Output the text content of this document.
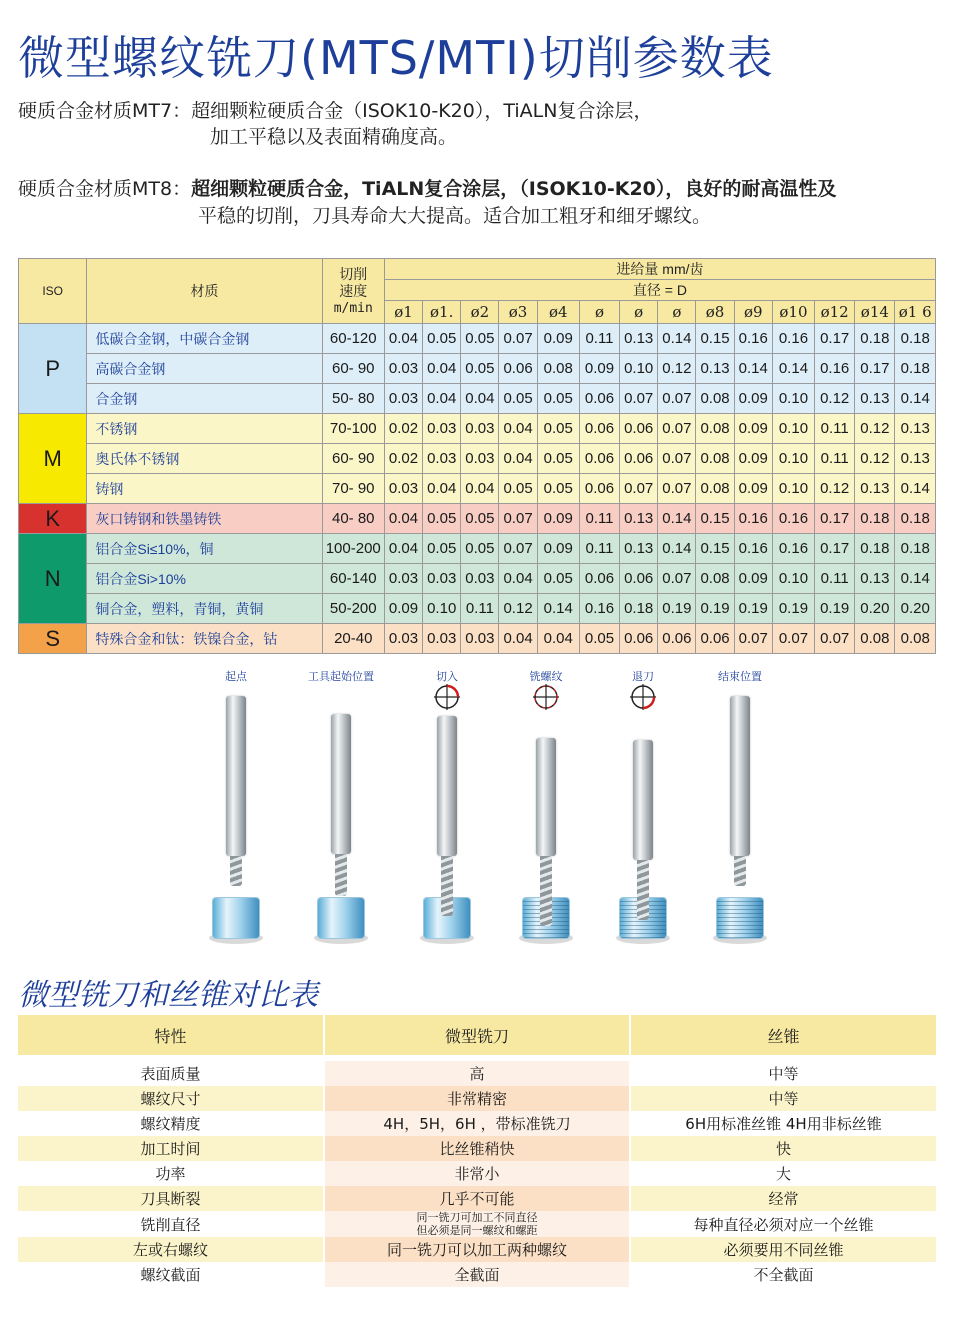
微型螺纹铣刀(MTS/MTI)切削参数表
硬质合金材质MT7：超细颗粒硬质合金（ISOK10-K20），TiALN复合涂层，
加工平稳以及表面精确度高。
硬质合金材质MT8：超细颗粒硬质合金，TiALN复合涂层，（ISOK10-K20），良好的耐高温性及
平稳的切削，刀具寿命大大提高。适合加工粗牙和细牙螺纹。
ISO	材质	切削
速度
m/min	进给量 mm/齿													
			直径 = D													
			ø1	ø1.	ø2	ø3	ø4	ø	ø	ø	ø8	ø9	ø10	ø12	ø14	ø1 6
P	低碳合金钢，中碳合金钢	60-120	0.04	0.05	0.05	0.07	0.09	0.11	0.13	0.14	0.15	0.16	0.16	0.17	0.18	0.18
	高碳合金钢	60- 90	0.03	0.04	0.05	0.06	0.08	0.09	0.10	0.12	0.13	0.14	0.14	0.16	0.17	0.18
	合金钢	50- 80	0.03	0.04	0.04	0.05	0.05	0.06	0.07	0.07	0.08	0.09	0.10	0.12	0.13	0.14
M	不锈钢	70-100	0.02	0.03	0.03	0.04	0.05	0.06	0.06	0.07	0.08	0.09	0.10	0.11	0.12	0.13
	奥氏体不锈钢	60- 90	0.02	0.03	0.03	0.04	0.05	0.06	0.06	0.07	0.08	0.09	0.10	0.11	0.12	0.13
	铸钢	70- 90	0.03	0.04	0.04	0.05	0.05	0.06	0.07	0.07	0.08	0.09	0.10	0.12	0.13	0.14
K	灰口铸钢和铁墨铸铁	40- 80	0.04	0.05	0.05	0.07	0.09	0.11	0.13	0.14	0.15	0.16	0.16	0.17	0.18	0.18
N	铝合金Si≤10%，铜	100-200	0.04	0.05	0.05	0.07	0.09	0.11	0.13	0.14	0.15	0.16	0.16	0.17	0.18	0.18
	铝合金Si>10%	60-140	0.03	0.03	0.03	0.04	0.05	0.06	0.06	0.07	0.08	0.09	0.10	0.11	0.13	0.14
	铜合金，塑料，青铜，黄铜	50-200	0.09	0.10	0.11	0.12	0.14	0.16	0.18	0.19	0.19	0.19	0.19	0.19	0.20	0.20
S	特殊合金和钛：铁镍合金，钴	20-40	0.03	0.03	0.03	0.04	0.04	0.05	0.06	0.06	0.06	0.07	0.07	0.07	0.08	0.08
起点	工具起始位置	切入	铣螺纹	退刀	结束位置
微型铣刀和丝锥对比表
特性	微型铣刀	丝锥

表面质量	高	中等
螺纹尺寸	非常精密	中等
螺纹精度	4H，5H，6H ，带标准铣刀	6H用标准丝锥 4H用非标丝锥
加工时间	比丝锥稍快	快
功率	非常小	大
刀具断裂	几乎不可能	经常
铣削直径	同一铣刀可加工不同直径
但必须是同一螺纹和螺距	每种直径必须对应一个丝锥
左或右螺纹	同一铣刀可以加工两种螺纹	必须要用不同丝锥
螺纹截面	全截面	不全截面
